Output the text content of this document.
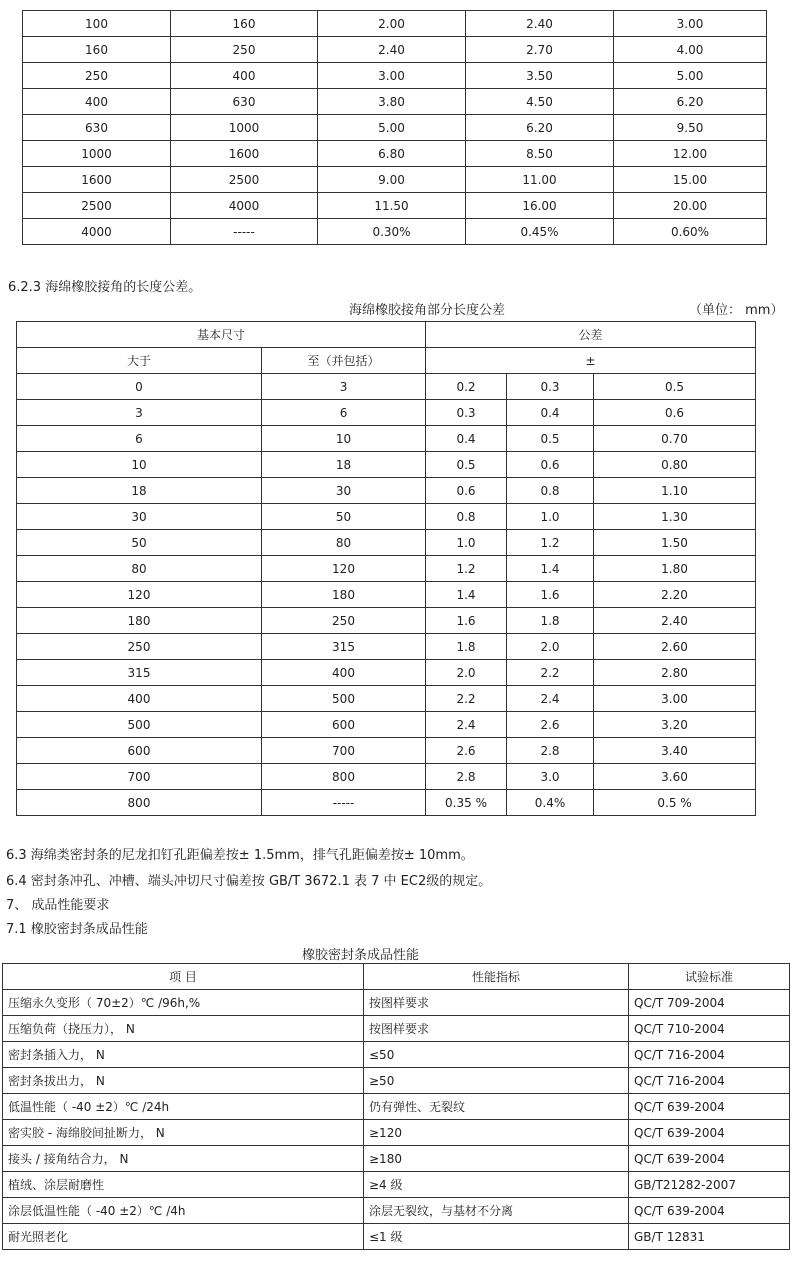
100	160	2.00	2.40	3.00
160	250	2.40	2.70	4.00
250	400	3.00	3.50	5.00
400	630	3.80	4.50	6.20
630	1000	5.00	6.20	9.50
1000	1600	6.80	8.50	12.00
1600	2500	9.00	11.00	15.00
2500	4000	11.50	16.00	20.00
4000	-----	0.30%	0.45%	0.60%
6.2.3 海绵橡胶接角的长度公差。
海绵橡胶接角部分长度公差	（单位： mm）
基本尺寸		公差		
大于	至（并包括）	±		
0	3	0.2	0.3	0.5
3	6	0.3	0.4	0.6
6	10	0.4	0.5	0.70
10	18	0.5	0.6	0.80
18	30	0.6	0.8	1.10
30	50	0.8	1.0	1.30
50	80	1.0	1.2	1.50
80	120	1.2	1.4	1.80
120	180	1.4	1.6	2.20
180	250	1.6	1.8	2.40
250	315	1.8	2.0	2.60
315	400	2.0	2.2	2.80
400	500	2.2	2.4	3.00
500	600	2.4	2.6	3.20
600	700	2.6	2.8	3.40
700	800	2.8	3.0	3.60
800	-----	0.35 %	0.4%	0.5 %
6.3 海绵类密封条的尼龙扣钉孔距偏差按± 1.5mm，排气孔距偏差按± 10mm。
6.4 密封条冲孔、冲槽、端头冲切尺寸偏差按 GB/T 3672.1 表 7 中 EC2级的规定。
7、 成品性能要求
7.1 橡胶密封条成品性能
橡胶密封条成品性能
项 目	性能指标	试验标准
压缩永久变形（ 70±2）℃ /96h,%	按图样要求	QC/T 709-2004
压缩负荷（挠压力）， N	按图样要求	QC/T 710-2004
密封条插入力， N	≤50	QC/T 716-2004
密封条拔出力， N	≥50	QC/T 716-2004
低温性能（ -40 ±2）℃ /24h	仍有弹性、无裂纹	QC/T 639-2004
密实胶 - 海绵胶间扯断力， N	≥120	QC/T 639-2004
接头 / 接角结合力， N	≥180	QC/T 639-2004
植绒、涂层耐磨性	≥4 级	GB/T21282-2007
涂层低温性能（ -40 ±2）℃ /4h	涂层无裂纹，与基材不分离	QC/T 639-2004
耐光照老化	≤1 级	GB/T 12831
